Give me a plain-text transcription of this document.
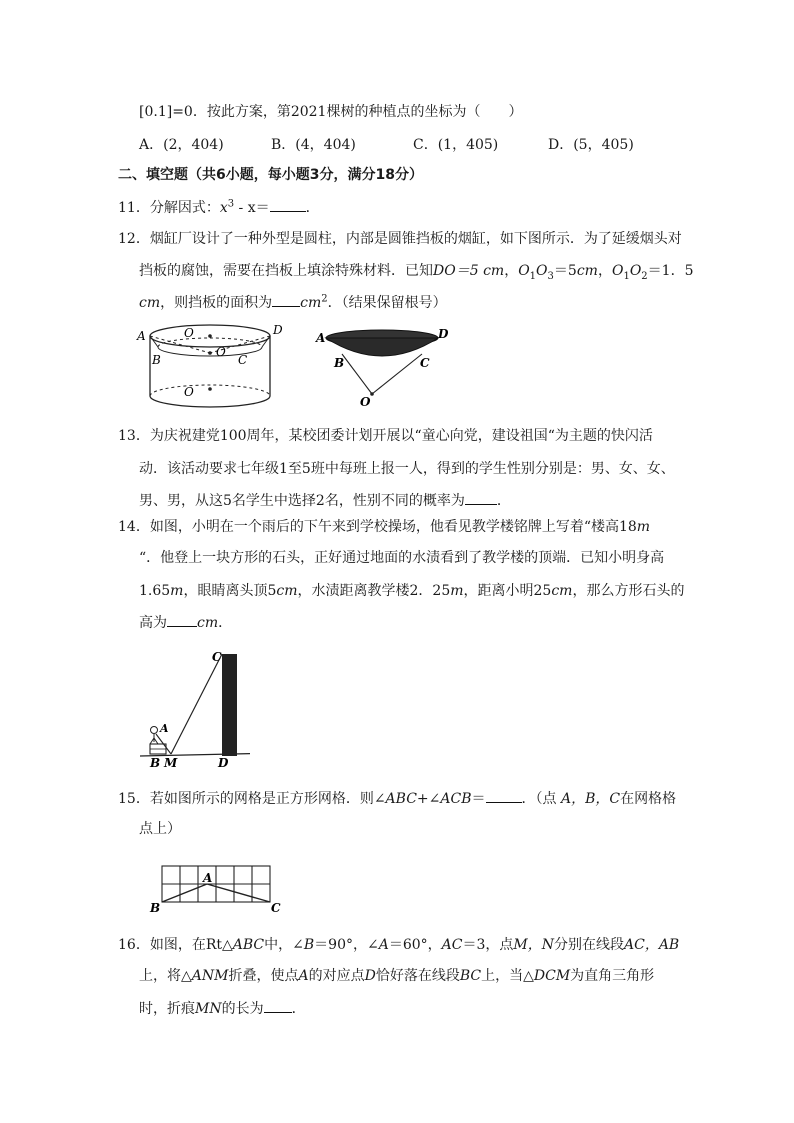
[0.1]=0．按此方案，第2021棵树的种植点的坐标为（　　）
A．(2，404)	B．(4，404)	C．(1，405)	D．(5，405)
二、填空题（共6小题，每小题3分，满分18分）
11．分解因式：$x^3 - x=$	．
12．烟缸厂设计了一种外型是圆柱，内部是圆锥挡板的烟缸，如下图所示．为了延缓烟头对
挡板的腐蚀，需要在挡板上填涂特殊材料．已知DO＝5 cm，$O_1O_3=5cm$，$O_1O_2=1$．5
cm，则挡板的面积为 $cm^2$．（结果保留根号）
A	D
B	C
O
O
O
A	D
B	C
O
13．为庆祝建党100周年，某校团委计划开展以“童心向党，建设祖国“为主题的快闪活
动．该活动要求七年级1至5班中每班上报一人，得到的学生性别分别是：男、女、女、
男、男，从这5名学生中选择2名，性别不同的概率为 ．
14．如图，小明在一个雨后的下午来到学校操场，他看见教学楼铭牌上写着“楼高18m
“．他登上一块方形的石头，正好通过地面的水渍看到了教学楼的顶端．已知小明身高
1.65m，眼睛离头顶5cm，水渍距离教学楼2．25m，距离小明25cm，那么方形石头的
高为 cm．
C
A
B M	D
15．若如图所示的网格是正方形网格．则∠ABC+∠ACB＝	．（点 A，B，C在网格格
点上）
A
B	C
16．如图，在Rt△ABC中，∠B＝90°，∠A＝60°，AC＝3，点M，N分别在线段AC，AB
上，将△ANM折叠，使点A的对应点D恰好落在线段BC上，当△DCM为直角三角形
时，折痕MN的长为 ．
